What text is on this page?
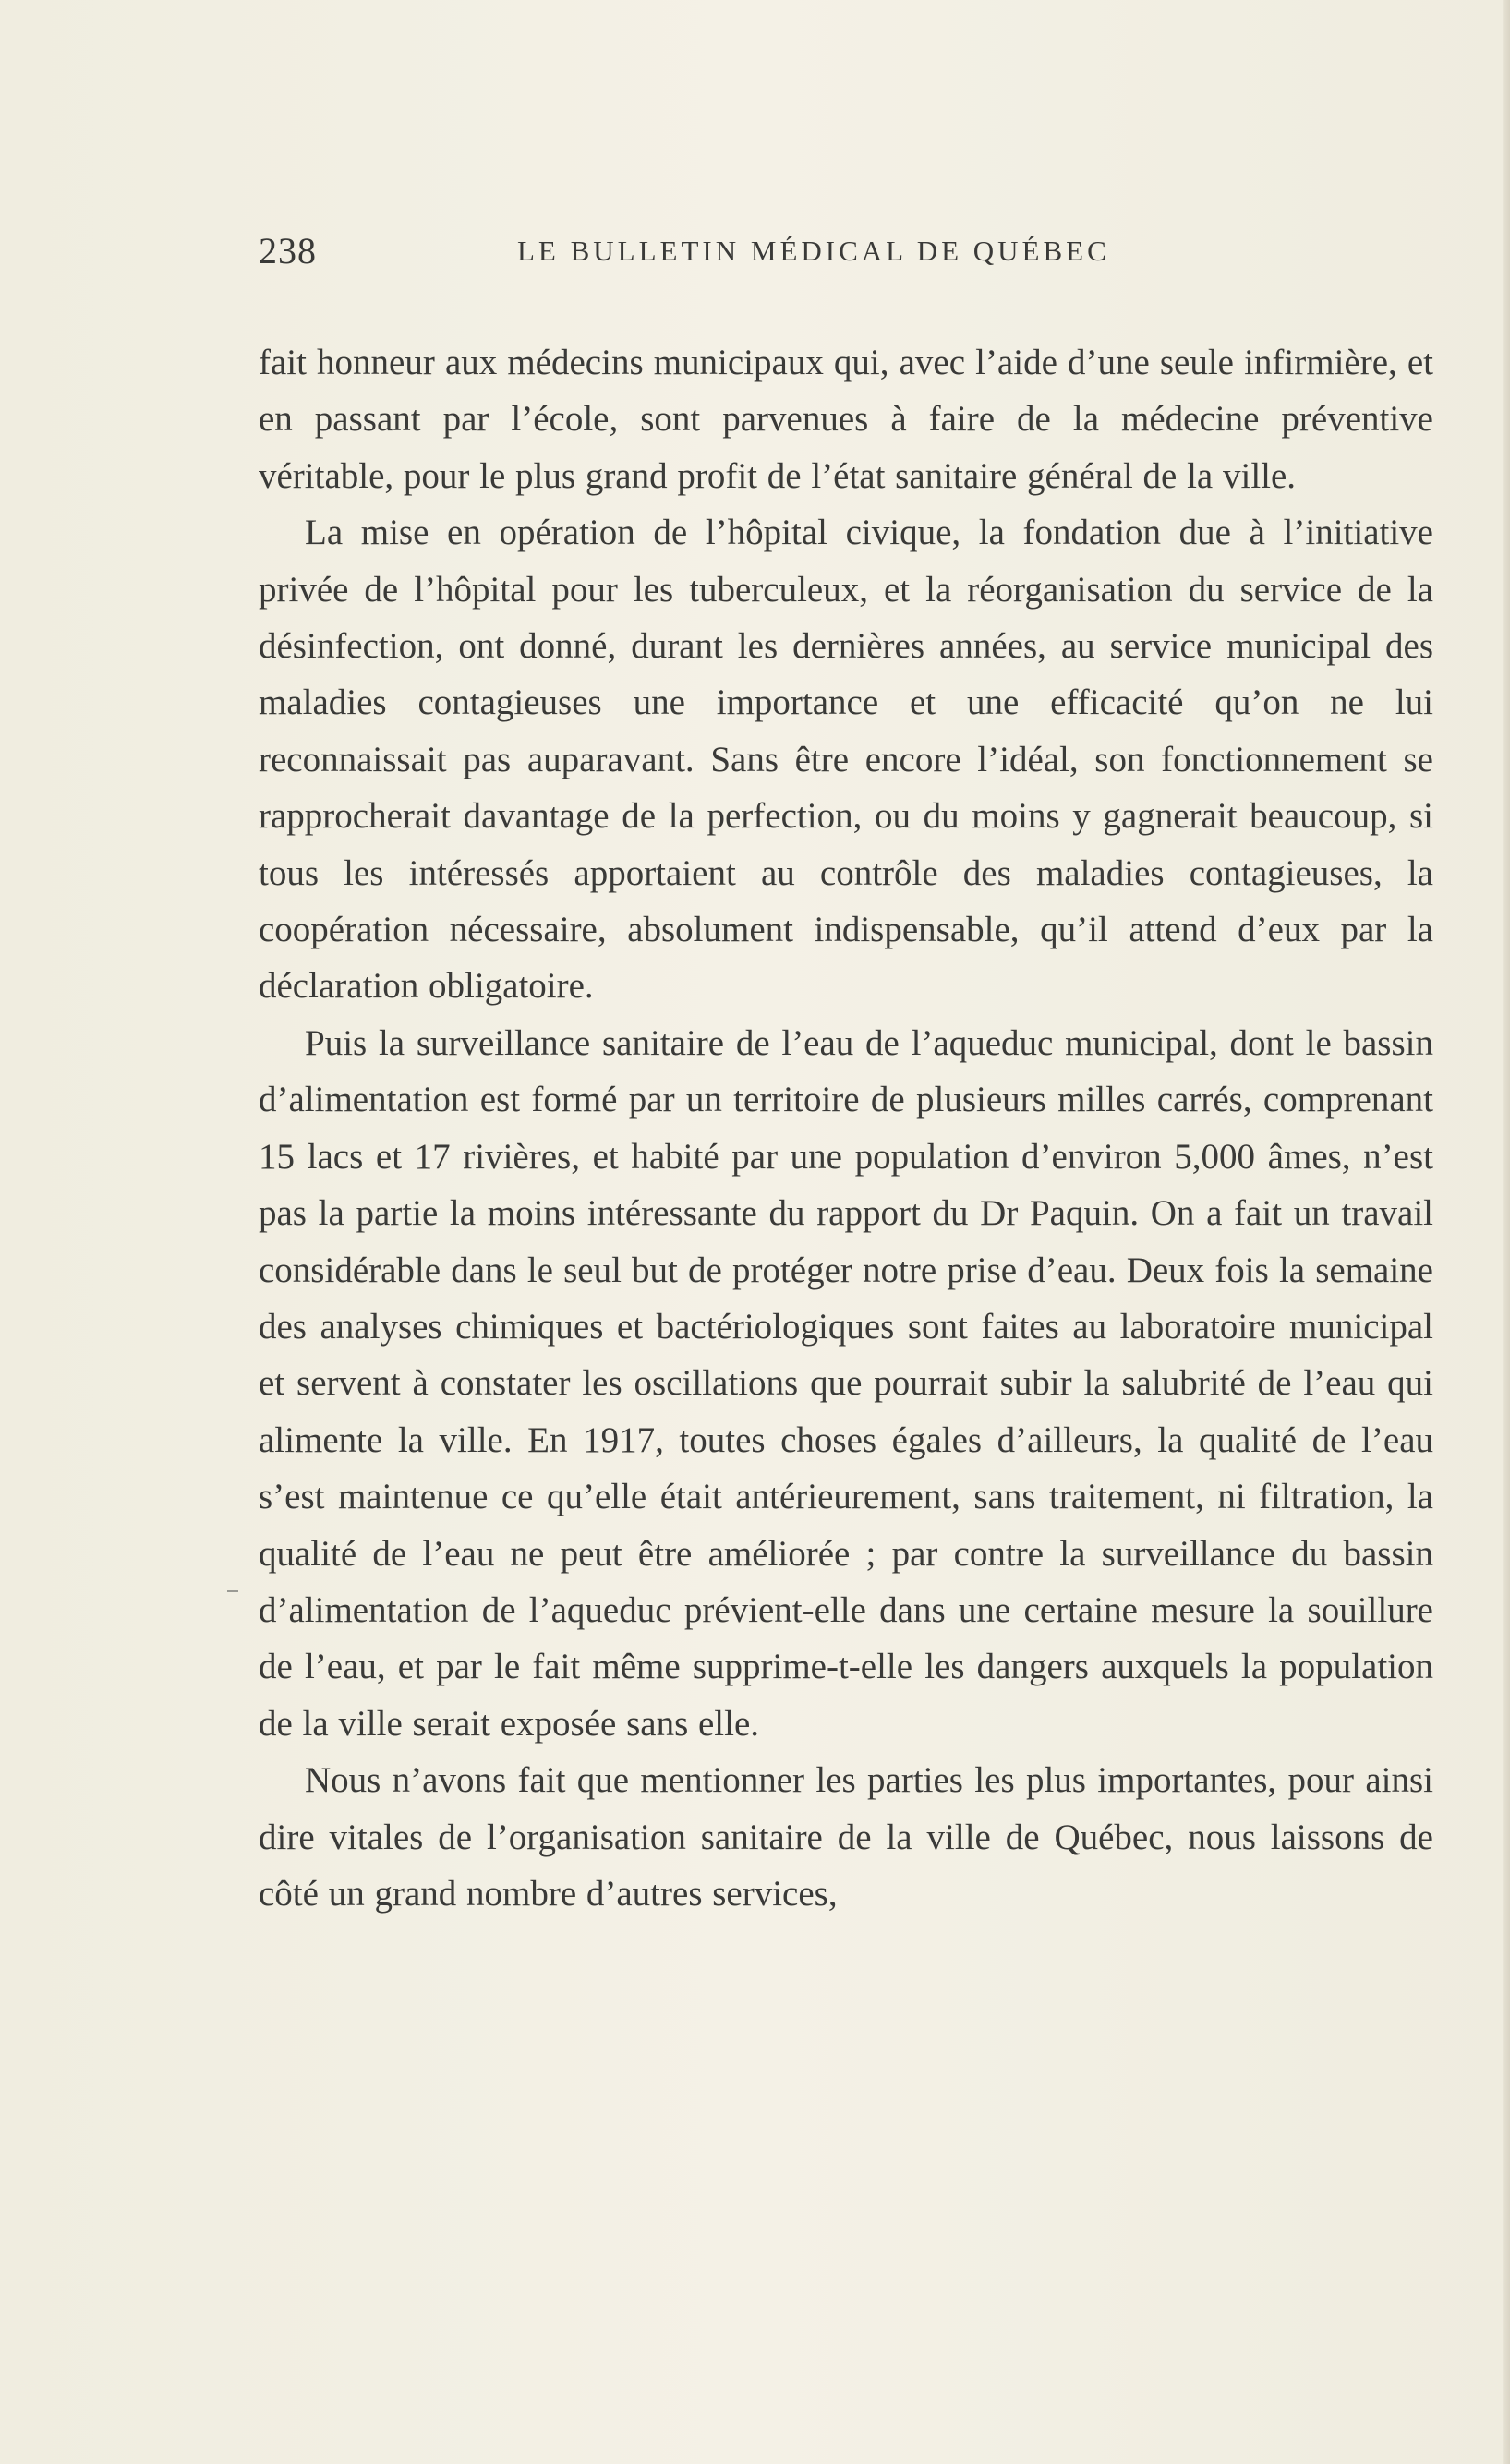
238	LE BULLETIN MÉDICAL DE QUÉBEC

fait honneur aux médecins municipaux qui, avec l’aide d’une seule infirmière, et en passant par l’école, sont parvenues à faire de la médecine préventive véritable, pour le plus grand profit de l’état sanitaire général de la ville.

La mise en opération de l’hôpital civique, la fondation due à l’initiative privée de l’hôpital pour les tuberculeux, et la réorganisation du service de la désinfection, ont donné, durant les dernières années, au service municipal des maladies contagieuses une importance et une efficacité qu’on ne lui reconnaissait pas auparavant. Sans être encore l’idéal, son fonctionnement se rapprocherait davantage de la perfection, ou du moins y gagnerait beaucoup, si tous les intéressés apportaient au contrôle des maladies contagieuses, la coopération nécessaire, absolument indispensable, qu’il attend d’eux par la déclaration obligatoire.

Puis la surveillance sanitaire de l’eau de l’aqueduc municipal, dont le bassin d’alimentation est formé par un territoire de plusieurs milles carrés, comprenant 15 lacs et 17 rivières, et habité par une population d’environ 5,000 âmes, n’est pas la partie la moins intéressante du rapport du Dr Paquin. On a fait un travail considérable dans le seul but de protéger notre prise d’eau. Deux fois la semaine des analyses chimiques et bactériologiques sont faites au laboratoire municipal et servent à constater les oscillations que pourrait subir la salubrité de l’eau qui alimente la ville. En 1917, toutes choses égales d’ailleurs, la qualité de l’eau s’est maintenue ce qu’elle était antérieurement, sans traitement, ni filtration, la qualité de l’eau ne peut être améliorée ; par contre la surveillance du bassin d’alimentation de l’aqueduc prévient-elle dans une certaine mesure la souillure de l’eau, et par le fait même supprime-t-elle les dangers auxquels la population de la ville serait exposée sans elle.

Nous n’avons fait que mentionner les parties les plus importantes, pour ainsi dire vitales de l’organisation sanitaire de la ville de Québec, nous laissons de côté un grand nombre d’autres services,
